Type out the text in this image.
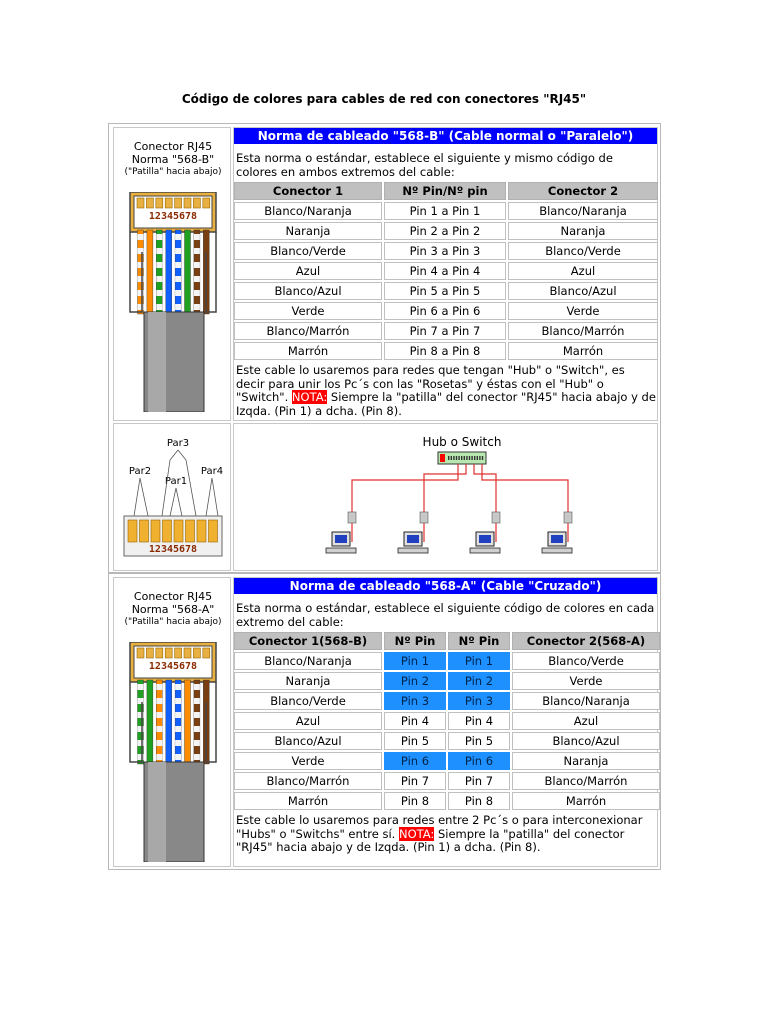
Código de colores para cables de red con conectores "RJ45"
Conector RJ45
Norma "568-B"
("Patilla" hacia abajo)
12345678
Norma de cableado "568-B" (Cable normal o "Paralelo")
Esta norma o estándar, establece el siguiente y mismo código de colores en ambos extremos del cable:
Conector 1	Nº Pin/Nº pin	Conector 2
Blanco/Naranja	Pin 1 a Pin 1	Blanco/Naranja
Naranja	Pin 2 a Pin 2	Naranja
Blanco/Verde	Pin 3 a Pin 3	Blanco/Verde
Azul	Pin 4 a Pin 4	Azul
Blanco/Azul	Pin 5 a Pin 5	Blanco/Azul
Verde	Pin 6 a Pin 6	Verde
Blanco/Marrón	Pin 7 a Pin 7	Blanco/Marrón
Marrón	Pin 8 a Pin 8	Marrón
Este cable lo usaremos para redes que tengan "Hub" o "Switch", es decir para unir los Pc´s con las "Rosetas" y éstas con el "Hub" o "Switch". NOTA: Siempre la "patilla" del conector "RJ45" hacia abajo y de Izqda. (Pin 1) a dcha. (Pin 8).
Par3
Par2
Par1
Par4
12345678
Hub o Switch
Conector RJ45
Norma "568-A"
("Patilla" hacia abajo)
12345678
Norma de cableado "568-A" (Cable "Cruzado")
Esta norma o estándar, establece el siguiente código de colores en cada extremo del cable:
Conector 1(568-B)	Nº Pin	Nº Pin	Conector 2(568-A)
Blanco/Naranja	Pin 1	Pin 1	Blanco/Verde
Naranja	Pin 2	Pin 2	Verde
Blanco/Verde	Pin 3	Pin 3	Blanco/Naranja
Azul	Pin 4	Pin 4	Azul
Blanco/Azul	Pin 5	Pin 5	Blanco/Azul
Verde	Pin 6	Pin 6	Naranja
Blanco/Marrón	Pin 7	Pin 7	Blanco/Marrón
Marrón	Pin 8	Pin 8	Marrón
Este cable lo usaremos para redes entre 2 Pc´s o para interconexionar "Hubs" o "Switchs" entre sí. NOTA: Siempre la "patilla" del conector "RJ45" hacia abajo y de Izqda. (Pin 1) a dcha. (Pin 8).
